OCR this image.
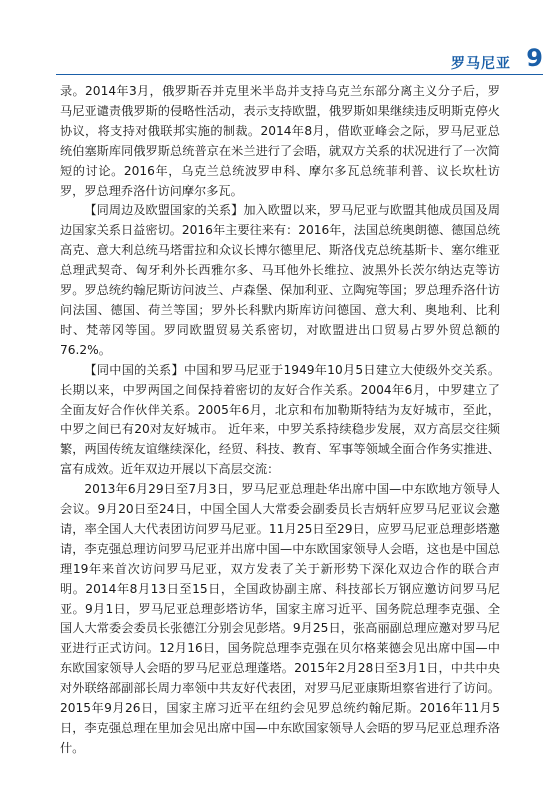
罗马尼亚 9

录。2014年3月，俄罗斯吞并克里米半岛并支持乌克兰东部分离主义分子后，罗马尼亚谴责俄罗斯的侵略性活动，表示支持欧盟，俄罗斯如果继续违反明斯克停火协议，将支持对俄联邦实施的制裁。2014年8月，借欧亚峰会之际，罗马尼亚总统伯塞斯库同俄罗斯总统普京在米兰进行了会晤，就双方关系的状况进行了一次简短的讨论。2016年，乌克兰总统波罗申科、摩尔多瓦总统菲利普、议长坎杜访罗，罗总理乔洛什访问摩尔多瓦。

【同周边及欧盟国家的关系】加入欧盟以来，罗马尼亚与欧盟其他成员国及周边国家关系日益密切。2016年主要往来有：2016年，法国总统奥朗德、德国总统高克、意大利总统马塔雷拉和众议长博尔德里尼、斯洛伐克总统基斯卡、塞尔维亚总理武契奇、匈牙利外长西雅尔多、马耳他外长维拉、波黑外长茨尔纳达克等访罗。罗总统约翰尼斯访问波兰、卢森堡、保加利亚、立陶宛等国；罗总理乔洛什访问法国、德国、荷兰等国；罗外长科默内斯库访问德国、意大利、奥地利、比利时、梵蒂冈等国。罗同欧盟贸易关系密切，对欧盟进出口贸易占罗外贸总额的76.2%。

【同中国的关系】中国和罗马尼亚于1949年10月5日建立大使级外交关系。长期以来，中罗两国之间保持着密切的友好合作关系。2004年6月，中罗建立了全面友好合作伙伴关系。2005年6月，北京和布加勒斯特结为友好城市，至此，中罗之间已有20对友好城市。 近年来，中罗关系持续稳步发展，双方高层交往频繁，两国传统友谊继续深化，经贸、科技、教育、军事等领域全面合作务实推进、富有成效。近年双边开展以下高层交流：

2013年6月29日至7月3日，罗马尼亚总理赴华出席中国—中东欧地方领导人会议。9月20日至24日，中国全国人大常委会副委员长吉炳轩应罗马尼亚议会邀请，率全国人大代表团访问罗马尼亚。11月25日至29日，应罗马尼亚总理彭塔邀请，李克强总理访问罗马尼亚并出席中国—中东欧国家领导人会晤，这也是中国总理19年来首次访问罗马尼亚，双方发表了关于新形势下深化双边合作的联合声明。2014年8月13日至15日，全国政协副主席、科技部长万钢应邀访问罗马尼亚。9月1日，罗马尼亚总理彭塔访华，国家主席习近平、国务院总理李克强、全国人大常委会委员长张德江分别会见彭塔。9月25日，张高丽副总理应邀对罗马尼亚进行正式访问。12月16日，国务院总理李克强在贝尔格莱德会见出席中国—中东欧国家领导人会晤的罗马尼亚总理蓬塔。2015年2月28日至3月1日，中共中央对外联络部副部长周力率领中共友好代表团，对罗马尼亚康斯坦察省进行了访问。2015年9月26日，国家主席习近平在纽约会见罗总统约翰尼斯。2016年11月5日，李克强总理在里加会见出席中国—中东欧国家领导人会晤的罗马尼亚总理乔洛什。
